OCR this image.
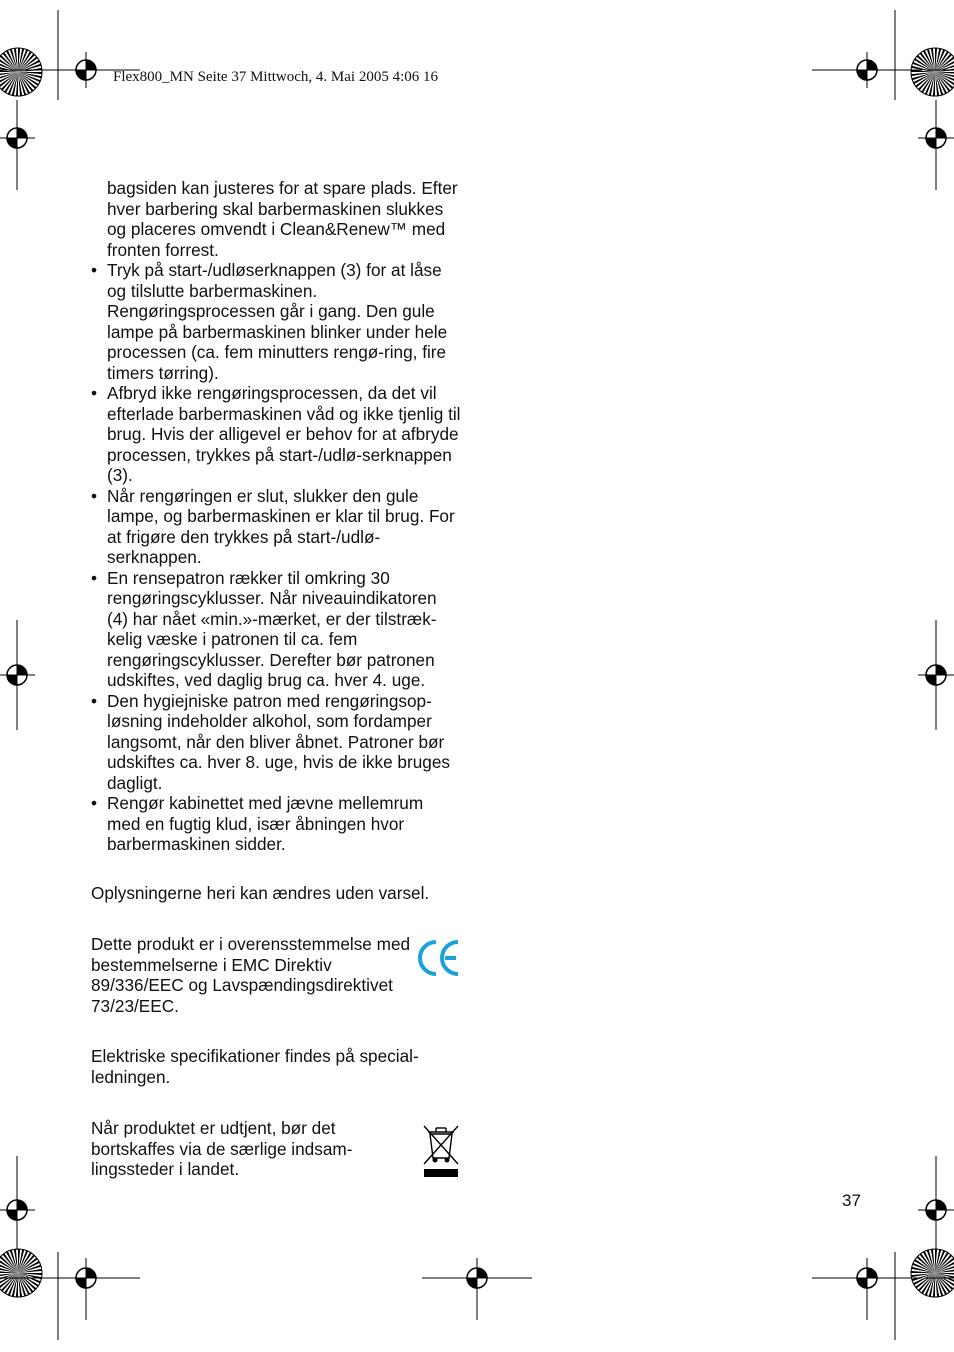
Flex800_MN Seite 37 Mittwoch, 4. Mai 2005 4:06 16
bagsiden kan justeres for at spare plads. Efter hver barbering skal barbermaskinen slukkes og placeres omvendt i Clean&Renew™ med fronten forrest.
• Tryk på start-/udløserknappen (3) for at låse og tilslutte barbermaskinen. Rengøringsprocessen går i gang. Den gule lampe på barbermaskinen blinker under hele processen (ca. fem minutters rengø-ring, fire timers tørring).
• Afbryd ikke rengøringsprocessen, da det vil efterlade barbermaskinen våd og ikke tjenlig til brug. Hvis der alligevel er behov for at afbryde processen, trykkes på start-/udlø-serknappen (3).
• Når rengøringen er slut, slukker den gule lampe, og barbermaskinen er klar til brug. For at frigøre den trykkes på start-/udlø-serknappen.
• En rensepatron rækker til omkring 30 rengøringscyklusser. Når niveauindikatoren (4) har nået «min.»-mærket, er der tilstræk-kelig væske i patronen til ca. fem rengøringscyklusser. Derefter bør patronen udskiftes, ved daglig brug ca. hver 4. uge.
• Den hygiejniske patron med rengøringsop-løsning indeholder alkohol, som fordamper langsomt, når den bliver åbnet. Patroner bør udskiftes ca. hver 8. uge, hvis de ikke bruges dagligt.
• Rengør kabinettet med jævne mellemrum med en fugtig klud, især åbningen hvor barbermaskinen sidder.
Oplysningerne heri kan ændres uden varsel.
Dette produkt er i overensstemmelse med bestemmelserne i EMC Direktiv 89/336/EEC og Lavspændingsdirektivet 73/23/EEC.
Elektriske specifikationer findes på special-ledningen.
Når produktet er udtjent, bør det bortskaffes via de særlige indsam-lingssteder i landet.
37
